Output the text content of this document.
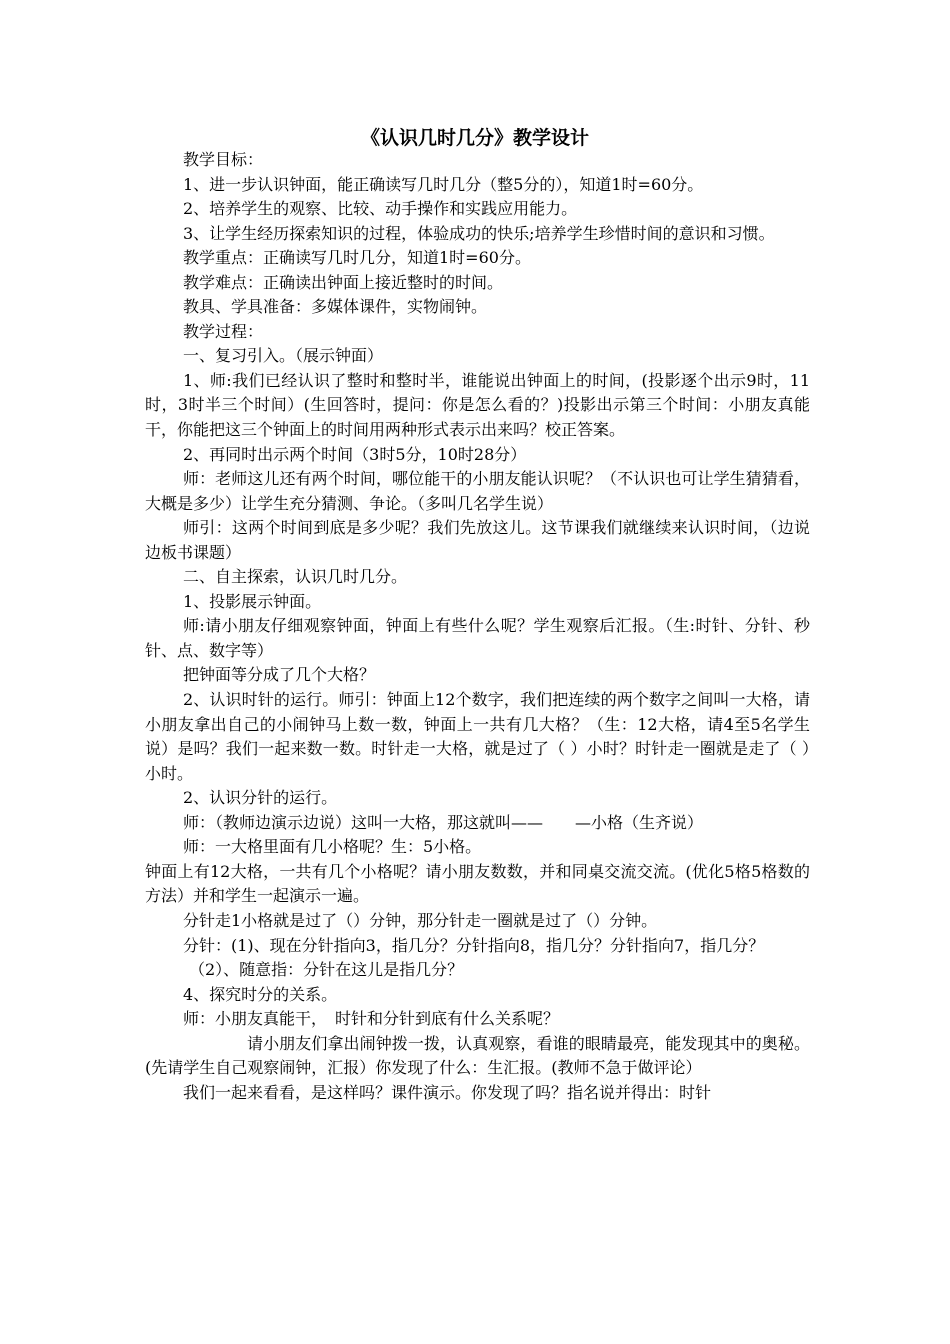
《认识几时几分》教学设计

教学目标：

1、进一步认识钟面，能正确读写几时几分（整5分的），知道1时=60分。

2、培养学生的观察、比较、动手操作和实践应用能力。

3、让学生经历探索知识的过程，体验成功的快乐;培养学生珍惜时间的意识和习惯。

教学重点：正确读写几时几分，知道1时=60分。

教学难点：正确读出钟面上接近整时的时间。

教具、学具准备：多媒体课件，实物闹钟。

教学过程：

一、复习引入。（展示钟面）

1、师:我们已经认识了整时和整时半，谁能说出钟面上的时间，(投影逐个出示9时，11时，3时半三个时间）(生回答时，提问：你是怎么看的？)投影出示第三个时间：小朋友真能干，你能把这三个钟面上的时间用两种形式表示出来吗？校正答案。

2、再同时出示两个时间（3时5分，10时28分）

师：老师这儿还有两个时间，哪位能干的小朋友能认识呢？（不认识也可让学生猜猜看，大概是多少）让学生充分猜测、争论。（多叫几名学生说）

师引：这两个时间到底是多少呢？我们先放这儿。这节课我们就继续来认识时间，（边说边板书课题）

二、自主探索，认识几时几分。

1、投影展示钟面。

师:请小朋友仔细观察钟面，钟面上有些什么呢？学生观察后汇报。（生:时针、分针、秒针、点、数字等）

把钟面等分成了几个大格？

2、认识时针的运行。师引：钟面上12个数字，我们把连续的两个数字之间叫一大格，请小朋友拿出自己的小闹钟马上数一数，钟面上一共有几大格？（生：12大格，请4至5名学生说）是吗？我们一起来数一数。时针走一大格，就是过了（ ）小时？时针走一圈就是走了（ ）小时。

2、认识分针的运行。

师：（教师边演示边说）这叫一大格，那这就叫——　　—小格（生齐说）

师：一大格里面有几小格呢？生：5小格。

钟面上有12大格，一共有几个小格呢？请小朋友数数，并和同桌交流交流。(优化5格5格数的方法）并和学生一起演示一遍。

分针走1小格就是过了（）分钟，那分针走一圈就是过了（）分钟。

分针：(1)、现在分针指向3，指几分？分针指向8，指几分？分针指向7，指几分？

（2）、随意指：分针在这儿是指几分？

4、探究时分的关系。

师：小朋友真能干，　时针和分针到底有什么关系呢？

请小朋友们拿出闹钟拨一拨，认真观察，看谁的眼睛最亮，能发现其中的奥秘。(先请学生自己观察闹钟，汇报）你发现了什么：生汇报。(教师不急于做评论）

我们一起来看看，是这样吗？课件演示。你发现了吗？指名说并得出：时针
